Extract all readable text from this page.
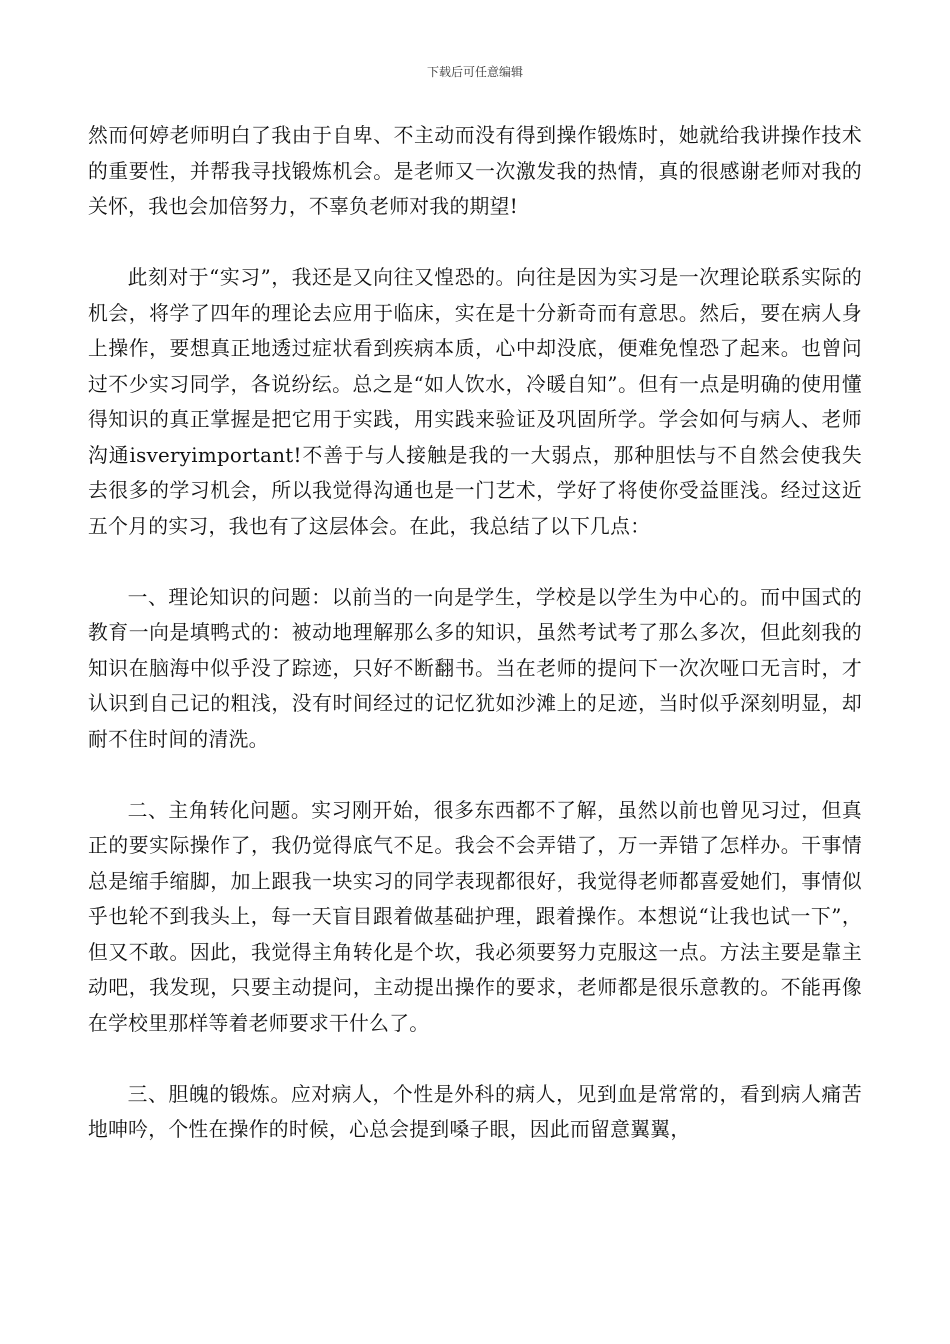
下载后可任意编辑

然而何婷老师明白了我由于自卑、不主动而没有得到操作锻炼时，她就给我讲操作技术的重要性，并帮我寻找锻炼机会。是老师又一次激发我的热情，真的很感谢老师对我的关怀，我也会加倍努力，不辜负老师对我的期望!

此刻对于“实习”，我还是又向往又惶恐的。向往是因为实习是一次理论联系实际的机会，将学了四年的理论去应用于临床，实在是十分新奇而有意思。然后，要在病人身上操作，要想真正地透过症状看到疾病本质，心中却没底，便难免惶恐了起来。也曾问过不少实习同学，各说纷纭。总之是“如人饮水，冷暖自知”。但有一点是明确的使用懂得知识的真正掌握是把它用于实践，用实践来验证及巩固所学。学会如何与病人、老师沟通isveryimportant!不善于与人接触是我的一大弱点，那种胆怯与不自然会使我失去很多的学习机会，所以我觉得沟通也是一门艺术，学好了将使你受益匪浅。经过这近五个月的实习，我也有了这层体会。在此，我总结了以下几点：

一、理论知识的问题：以前当的一向是学生，学校是以学生为中心的。而中国式的教育一向是填鸭式的：被动地理解那么多的知识，虽然考试考了那么多次，但此刻我的知识在脑海中似乎没了踪迹，只好不断翻书。当在老师的提问下一次次哑口无言时，才认识到自己记的粗浅，没有时间经过的记忆犹如沙滩上的足迹，当时似乎深刻明显，却耐不住时间的清洗。

二、主角转化问题。实习刚开始，很多东西都不了解，虽然以前也曾见习过，但真正的要实际操作了，我仍觉得底气不足。我会不会弄错了，万一弄错了怎样办。干事情总是缩手缩脚，加上跟我一块实习的同学表现都很好，我觉得老师都喜爱她们，事情似乎也轮不到我头上，每一天盲目跟着做基础护理，跟着操作。本想说“让我也试一下”，但又不敢。因此，我觉得主角转化是个坎，我必须要努力克服这一点。方法主要是靠主动吧，我发现，只要主动提问，主动提出操作的要求，老师都是很乐意教的。不能再像在学校里那样等着老师要求干什么了。

三、胆魄的锻炼。应对病人，个性是外科的病人，见到血是常常的，看到病人痛苦地呻吟，个性在操作的时候，心总会提到嗓子眼，因此而留意翼翼，
